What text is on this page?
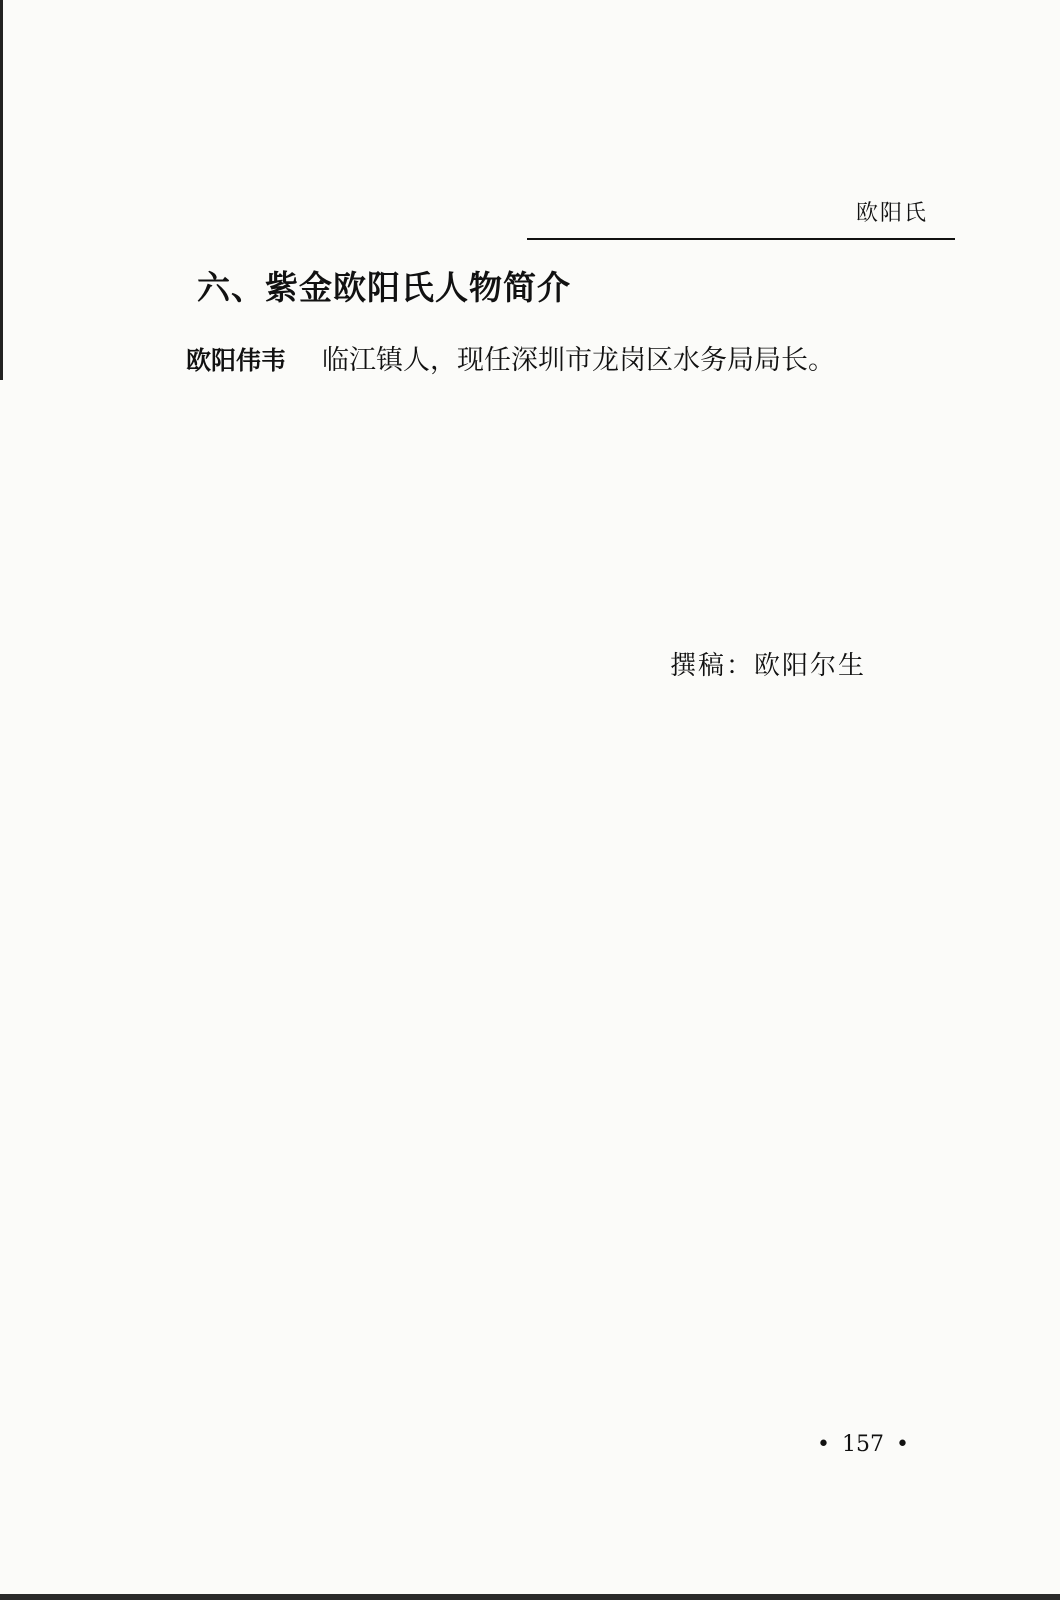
欧阳氏
六、紫金欧阳氏人物简介
欧阳伟韦 临江镇人，现任深圳市龙岗区水务局局长。
撰稿：欧阳尔生
• 157 •
